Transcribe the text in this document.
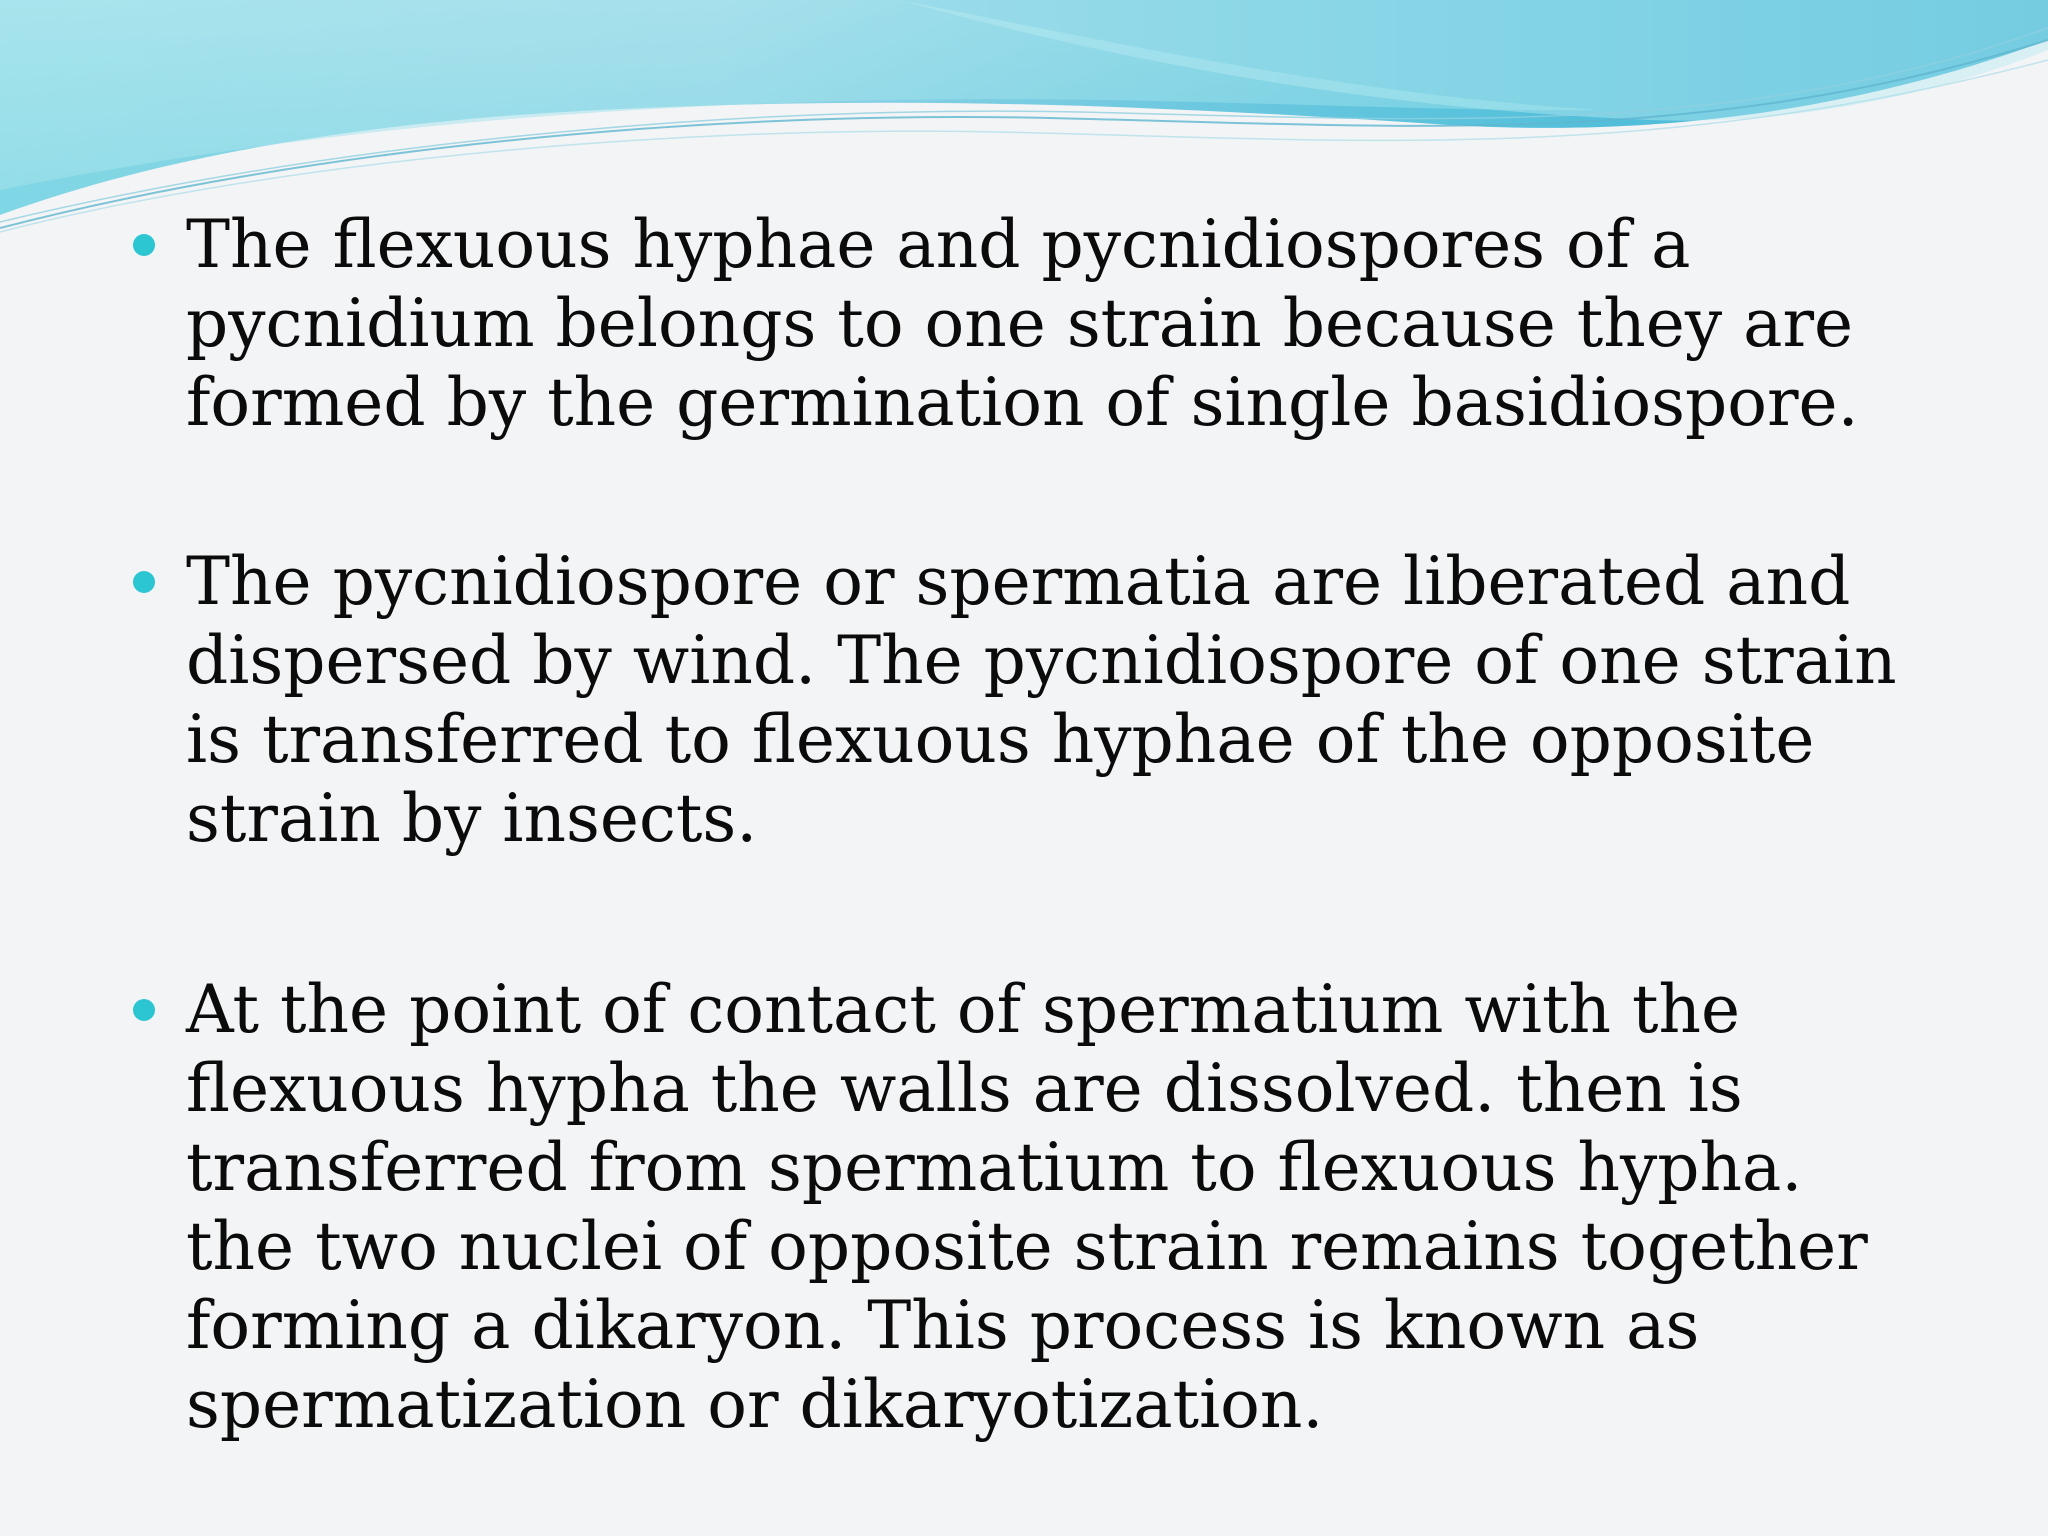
The flexuous hyphae and pycnidiospores of a pycnidium belongs to one strain because they are formed by the germination of single basidiospore.
The pycnidiospore or spermatia are liberated and dispersed by wind. The pycnidiospore of one strain is transferred to flexuous hyphae of the opposite strain by insects.
At the point of contact of spermatium with the flexuous hypha the walls are dissolved. then is transferred from spermatium to flexuous hypha. the two nuclei of opposite strain remains together forming a dikaryon. This process is known as spermatization or dikaryotization.
